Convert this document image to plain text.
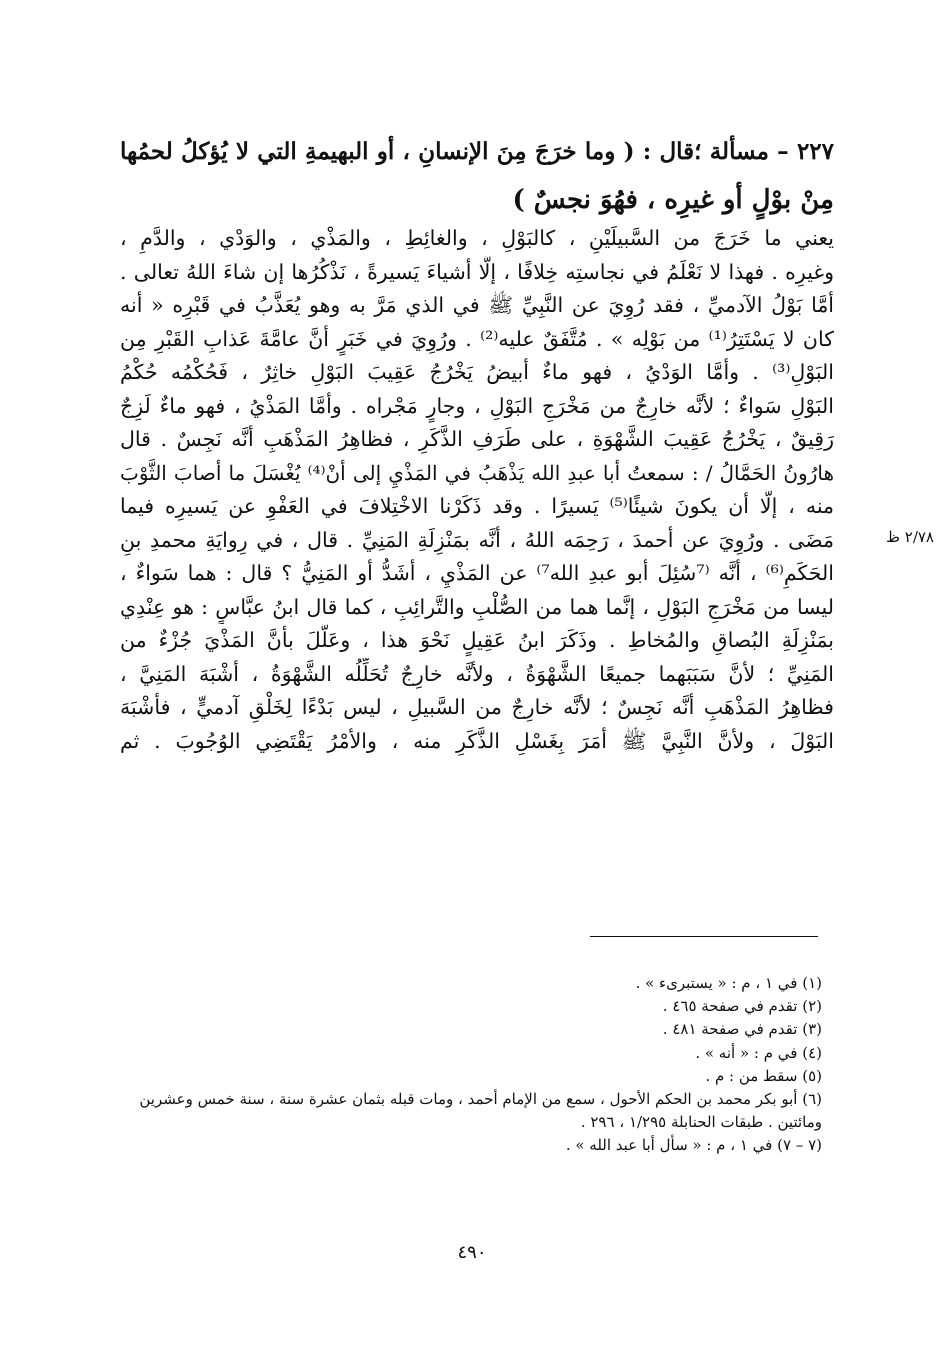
٢٢٧ – مسألة ؛قال : ( وما خرَجَ مِنَ الإنسانِ ، أو البهيمةِ التي لا يُؤكلُ لحمُها
مِنْ بوْلٍ أو غيرِه ، فهُوَ نجسٌ )
٢/٧٨ ظ
يعني ما خَرَجَ من السَّبيلَيْنِ ، كالبَوْلِ ، والغائِطِ ، والمَذْي ، والوَدْي ، والدَّمِ ،
وغيرِه . فهذا لا نَعْلَمُ في نجاستِه خِلافًا ، إلَّا أشياءَ يَسيرةً ، نَذْكُرُها إن شاءَ اللهُ تعالى .
أمَّا بَوْلُ الآدميِّ ، فقد رُوِيَ عن النَّبِيِّ ﷺ في الذي مَرَّ به وهو يُعَذَّبُ في قَبْرِه « أنه
كان لا يَسْتَتِرُ⁽¹⁾ من بَوْلِه » . مُتَّفَقٌ عليه⁽²⁾ . ورُوِيَ في خَبَرٍ أنَّ عامَّةَ عَذابِ القَبْرِ مِن
البَوْلِ⁽³⁾ . وأمَّا الوَدْيُ ، فهو ماءٌ أبيضُ يَخْرُجُ عَقِيبَ البَوْلِ خاثِرٌ ، فَحُكْمُه حُكْمُ
البَوْلِ سَواءٌ ؛ لأنَّه خارِجٌ من مَخْرَجِ البَوْلِ ، وجارٍ مَجْراه . وأمَّا المَذْيُ ، فهو ماءٌ لَزِجٌ
رَقِيقٌ ، يَخْرُجُ عَقِيبَ الشَّهْوَةِ ، على طَرَفِ الذَّكَرِ ، فظاهِرُ المَذْهَبِ أنَّه نَجِسٌ . قال
هارُونُ الحَمَّالُ / : سمعتُ أبا عبدِ الله يَذْهَبُ في المَذْيِ إلى أنْ⁽⁴⁾ يُغْسَلَ ما أصابَ الثَّوْبَ
منه ، إلَّا أن يكونَ شيئًا⁽⁵⁾ يَسيرًا . وقد ذَكَرْنا الاخْتِلافَ في العَفْوِ عن يَسيرِه فيما
مَضَى . ورُوِيَ عن أحمدَ ، رَحِمَه اللهُ ، أنَّه بمَنْزِلَةِ المَنِيِّ . قال ، في رِوايَةِ محمدِ بنِ
الحَكَمِ⁽⁶⁾ ، أنَّه ⁽⁷سُئِلَ أبو عبدِ الله⁷⁾ عن المَذْيِ ، أشَدُّ أو المَنِيُّ ؟ قال : هما سَواءٌ ،
ليسا من مَخْرَجِ البَوْلِ ، إنَّما هما من الصُّلْبِ والتَّرائِبِ ، كما قال ابنُ عبَّاسٍ : هو عِنْدِي
بمَنْزِلَةِ البُصاقِ والمُخاطِ . وذَكَرَ ابنُ عَقِيلٍ نَحْوَ هذا ، وعَلَّلَ بأنَّ المَذْيَ جُزْءٌ من
المَنِيِّ ؛ لأنَّ سَبَبَهما جميعًا الشَّهْوَةُ ، ولأنَّه خارِجٌ تُحَلِّلُه الشَّهْوَةُ ، أشْبَهَ المَنِيَّ ،
فظاهِرُ المَذْهَبِ أنَّه نَجِسٌ ؛ لأنَّه خارِجٌ من السَّبيلِ ، ليس بَدْءًا لِخَلْقِ آدميٍّ ، فأشْبَهَ
البَوْلَ ، ولأنَّ النَّبِيَّ ﷺ أمَرَ بِغَسْلِ الذَّكَرِ منه ، والأمْرُ يَقْتَضِي الوُجُوبَ . ثم
(١) في ١ ، م : « يستبرىء » .
(٢) تقدم في صفحة ٤٦٥ .
(٣) تقدم في صفحة ٤٨١ .
(٤) في م : « أنه » .
(٥) سقط من : م .
(٦) أبو بكر محمد بن الحكم الأحول ، سمع من الإمام أحمد ، ومات قبله بثمان عشرة سنة ، سنة خمس وعشرين
ومائتين . طبقات الحنابلة ١/٢٩٥ ، ٢٩٦ .
(٧ – ٧) في ١ ، م : « سأل أبا عبد الله » .
٤٩٠
